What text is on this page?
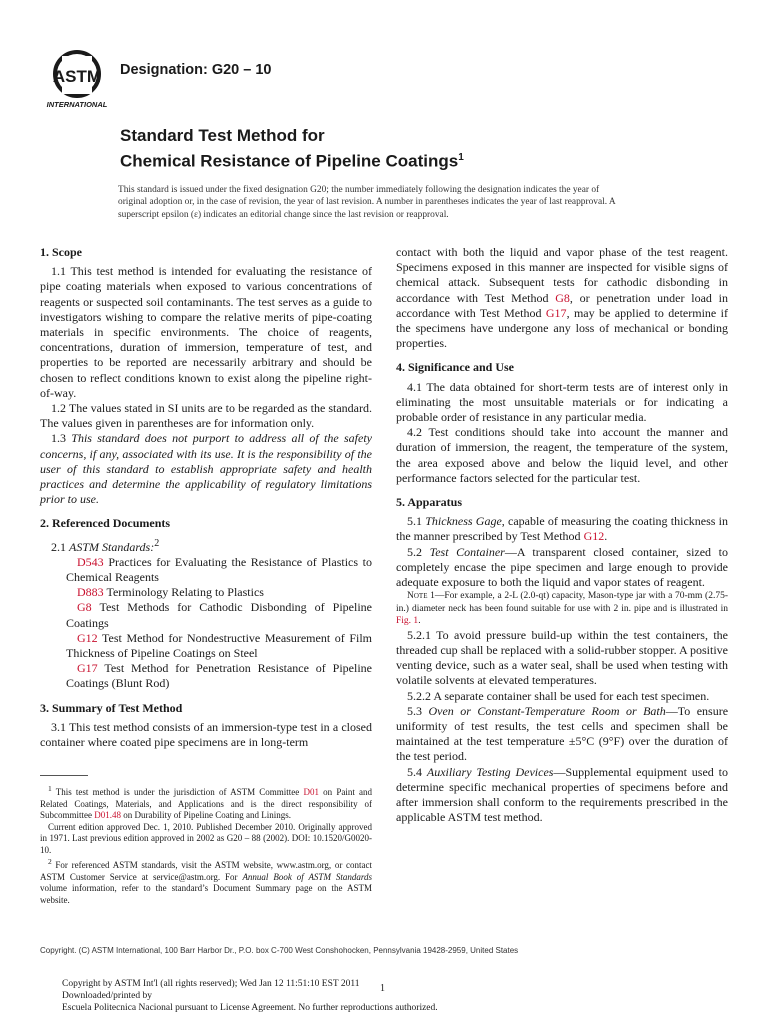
ASTM
INTERNATIONAL
Designation: G20 – 10
Standard Test Method for
Chemical Resistance of Pipeline Coatings$^1$
This standard is issued under the fixed designation G20; the number immediately following the designation indicates the year of original adoption or, in the case of revision, the year of last revision. A number in parentheses indicates the year of last reapproval. A superscript epsilon (ε) indicates an editorial change since the last revision or reapproval.
1. Scope

1.1 This test method is intended for evaluating the resistance of pipe coating materials when exposed to various concentrations of reagents or suspected soil contaminants. The test serves as a guide to investigators wishing to compare the relative merits of pipe-coating materials in specific environments. The choice of reagents, concentrations, duration of immersion, temperature of test, and properties to be reported are necessarily arbitrary and should be chosen to reflect conditions known to exist along the pipeline right-of-way.

1.2 The values stated in SI units are to be regarded as the standard. The values given in parentheses are for information only.

1.3 This standard does not purport to address all of the safety concerns, if any, associated with its use. It is the responsibility of the user of this standard to establish appropriate safety and health practices and determine the applicability of regulatory limitations prior to use.

2. Referenced Documents

2.1 ASTM Standards:$^2$

D543 Practices for Evaluating the Resistance of Plastics to Chemical Reagents

D883 Terminology Relating to Plastics

G8 Test Methods for Cathodic Disbonding of Pipeline Coatings

G12 Test Method for Nondestructive Measurement of Film Thickness of Pipeline Coatings on Steel

G17 Test Method for Penetration Resistance of Pipeline Coatings (Blunt Rod)

3. Summary of Test Method

3.1 This test method consists of an immersion-type test in a closed container where coated pipe specimens are in long-term

$^1$ This test method is under the jurisdiction of ASTM Committee D01 on Paint and Related Coatings, Materials, and Applications and is the direct responsibility of Subcommittee D01.48 on Durability of Pipeline Coating and Linings.

Current edition approved Dec. 1, 2010. Published December 2010. Originally approved in 1971. Last previous edition approved in 2002 as G20 – 88 (2002). DOI: 10.1520/G0020-10.

$^2$ For referenced ASTM standards, visit the ASTM website, www.astm.org, or contact ASTM Customer Service at service@astm.org. For Annual Book of ASTM Standards volume information, refer to the standard’s Document Summary page on the ASTM website.

contact with both the liquid and vapor phase of the test reagent. Specimens exposed in this manner are inspected for visible signs of chemical attack. Subsequent tests for cathodic disbonding in accordance with Test Method G8, or penetration under load in accordance with Test Method G17, may be applied to determine if the specimens have undergone any loss of mechanical or bonding properties.

4. Significance and Use

4.1 The data obtained for short-term tests are of interest only in eliminating the most unsuitable materials or for indicating a probable order of resistance in any particular media.

4.2 Test conditions should take into account the manner and duration of immersion, the reagent, the temperature of the system, the area exposed above and below the liquid level, and other performance factors selected for the particular test.

5. Apparatus

5.1 Thickness Gage, capable of measuring the coating thickness in the manner prescribed by Test Method G12.

5.2 Test Container—A transparent closed container, sized to completely encase the pipe specimen and large enough to provide adequate exposure to both the liquid and vapor states of reagent.

Note 1—For example, a 2-L (2.0-qt) capacity, Mason-type jar with a 70-mm (2.75-in.) diameter neck has been found suitable for use with 2 in. pipe and is illustrated in Fig. 1.

5.2.1 To avoid pressure build-up within the test containers, the threaded cup shall be replaced with a solid-rubber stopper. A positive venting device, such as a water seal, shall be used when testing with volatile solvents at elevated temperatures.

5.2.2 A separate container shall be used for each test specimen.

5.3 Oven or Constant-Temperature Room or Bath—To ensure uniformity of test results, the test cells and specimen shall be maintained at the test temperature ±5°C (9°F) over the duration of the test period.

5.4 Auxiliary Testing Devices—Supplemental equipment used to determine specific mechanical properties of specimens before and after immersion shall conform to the requirements prescribed in the applicable ASTM test method.

Copyright. (C) ASTM International, 100 Barr Harbor Dr., P.O. box C-700 West Conshohocken, Pennsylvania 19428-2959, United States
Copyright by ASTM Int'l (all rights reserved); Wed Jan 12 11:51:10 EST 2011
Downloaded/printed by
Escuela Politecnica Nacional pursuant to License Agreement. No further reproductions authorized.
1
